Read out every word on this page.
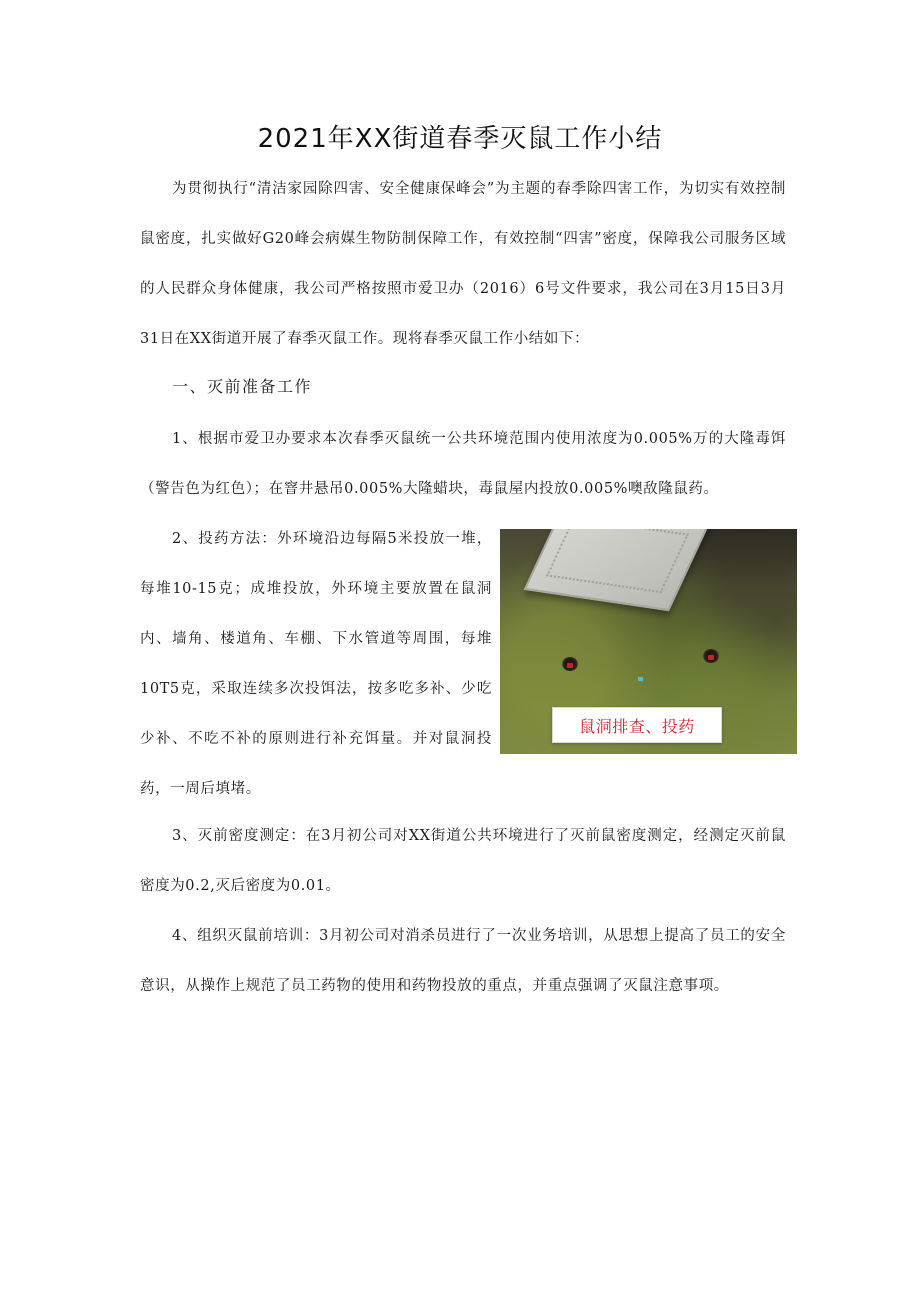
2021年XX街道春季灭鼠工作小结

为贯彻执行“清洁家园除四害、安全健康保峰会”为主题的春季除四害工作，为切实有效控制鼠密度，扎实做好G20峰会病媒生物防制保障工作，有效控制“四害”密度，保障我公司服务区域的人民群众身体健康，我公司严格按照市爱卫办（2016）6号文件要求，我公司在3月15日3月31日在XX街道开展了春季灭鼠工作。现将春季灭鼠工作小结如下：

一、灭前准备工作

1、根据市爱卫办要求本次春季灭鼠统一公共环境范围内使用浓度为0.005%万的大隆毒饵（警告色为红色）；在窨井悬吊0.005%大隆蜡块，毒鼠屋内投放0.005%噢敌隆鼠药。

2、投药方法：外环境沿边每隔5米投放一堆，每堆10-15克；成堆投放，外环境主要放置在鼠洞内、墙角、楼道角、车棚、下水管道等周围，每堆10T5克，采取连续多次投饵法，按多吃多补、少吃少补、不吃不补的原则进行补充饵量。并对鼠洞投药，一周后填堵。

鼠洞排查、投药

3、灭前密度测定：在3月初公司对XX街道公共环境进行了灭前鼠密度测定，经测定灭前鼠密度为0.2,灭后密度为0.01。

4、组织灭鼠前培训：3月初公司对消杀员进行了一次业务培训，从思想上提高了员工的安全意识，从操作上规范了员工药物的使用和药物投放的重点，并重点强调了灭鼠注意事项。
